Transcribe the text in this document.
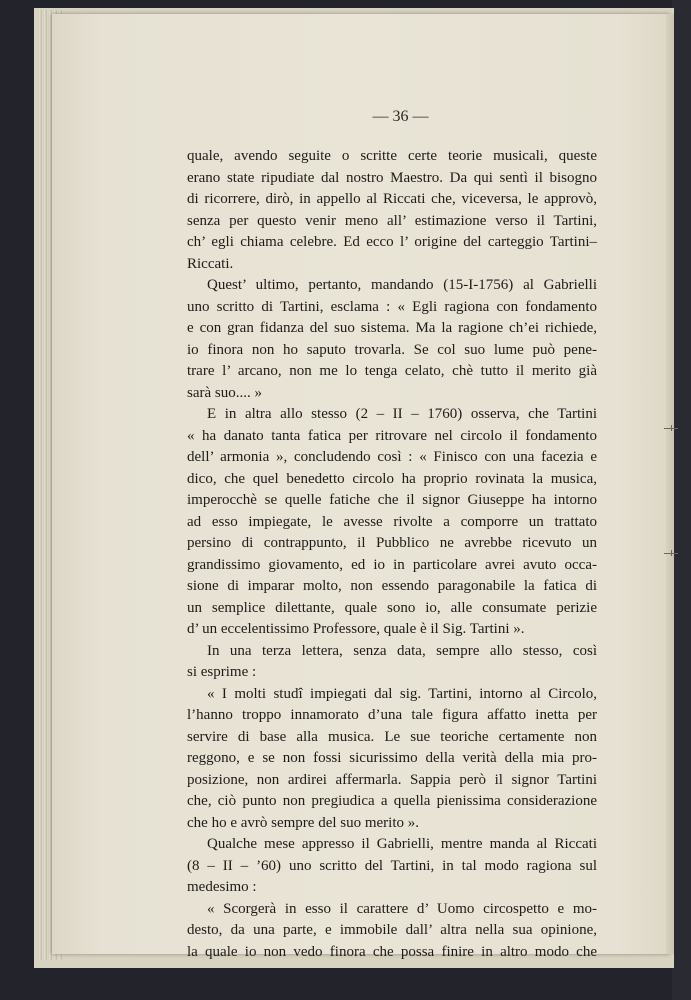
— 36 —
quale, avendo seguite o scritte certe teorie musicali, queste
erano state ripudiate dal nostro Maestro. Da qui sentì il bisogno
di ricorrere, dirò, in appello al Riccati che, viceversa, le approvò,
senza per questo venir meno all’ estimazione verso il Tartini,
ch’ egli chiama celebre. Ed ecco l’ origine del carteggio Tartini–
Riccati.
Quest’ ultimo, pertanto, mandando (15-I-1756) al Gabrielli
uno scritto di Tartini, esclama : « Egli ragiona con fondamento
e con gran fidanza del suo sistema. Ma la ragione ch’ei richiede,
io finora non ho saputo trovarla. Se col suo lume può pene-
trare l’ arcano, non me lo tenga celato, chè tutto il merito già
sarà suo.... »
E in altra allo stesso (2 – II – 1760) osserva, che Tartini
« ha danato tanta fatica per ritrovare nel circolo il fondamento
dell’ armonia », concludendo così : « Finisco con una facezia e
dico, che quel benedetto circolo ha proprio rovinata la musica,
imperocchè se quelle fatiche che il signor Giuseppe ha intorno
ad esso impiegate, le avesse rivolte a comporre un trattato
persino di contrappunto, il Pubblico ne avrebbe ricevuto un
grandissimo giovamento, ed io in particolare avrei avuto occa-
sione di imparar molto, non essendo paragonabile la fatica di
un semplice dilettante, quale sono io, alle consumate perizie
d’ un eccelentissimo Professore, quale è il Sig. Tartini ».
In una terza lettera, senza data, sempre allo stesso, così
si esprime :
« I molti studî impiegati dal sig. Tartini, intorno al Circolo,
l’hanno troppo innamorato d’una tale figura affatto inetta per
servire di base alla musica. Le sue teoriche certamente non
reggono, e se non fossi sicurissimo della verità della mia pro-
posizione, non ardirei affermarla. Sappia però il signor Tartini
che, ciò punto non pregiudica a quella pienissima considerazione
che ho e avrò sempre del suo merito ».
Qualche mese appresso il Gabrielli, mentre manda al Riccati
(8 – II – ’60) uno scritto del Tartini, in tal modo ragiona sul
medesimo :
« Scorgerà in esso il carattere d’ Uomo circospetto e mo-
desto, da una parte, e immobile dall’ altra nella sua opinione,
la quale io non vedo finora che possa finire in altro modo che
